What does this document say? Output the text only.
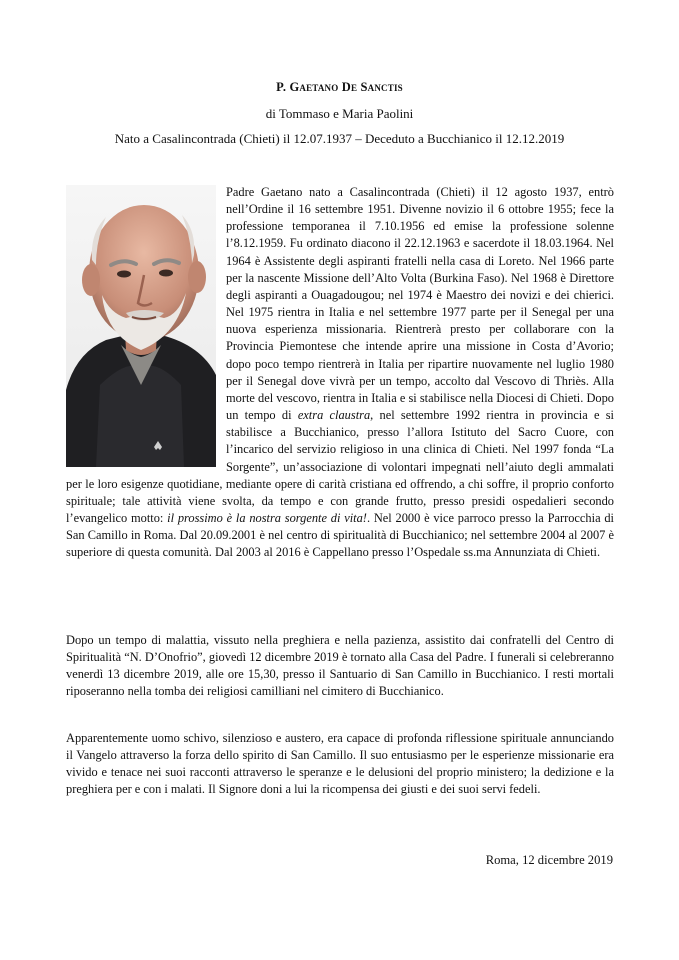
P. Gaetano De Sanctis
di Tommaso e Maria Paolini
Nato a Casalincontrada (Chieti) il 12.07.1937 – Deceduto a Bucchianico il 12.12.2019

Padre Gaetano nato a Casalincontrada (Chieti) il 12 agosto 1937, entrò nell’Ordine il 16 settembre 1951. Divenne novizio il 6 ottobre 1955; fece la professione temporanea il 7.10.1956 ed emise la professione solenne l’8.12.1959. Fu ordinato diacono il 22.12.1963 e sacerdote il 18.03.1964. Nel 1964 è Assistente degli aspiranti fratelli nella casa di Loreto. Nel 1966 parte per la nascente Missione dell’Alto Volta (Burkina Faso). Nel 1968 è Direttore degli aspiranti a Ouagadougou; nel 1974 è Maestro dei novizi e dei chierici. Nel 1975 rientra in Italia e nel settembre 1977 parte per il Senegal per una nuova esperienza missionaria. Rientrerà presto per collaborare con la Provincia Piemontese che intende aprire una missione in Costa d’Avorio; dopo poco tempo rientrerà in Italia per ripartire nuovamente nel luglio 1980 per il Senegal dove vivrà per un tempo, accolto dal Vescovo di Thriès. Alla morte del vescovo, rientra in Italia e si stabilisce nella Diocesi di Chieti. Dopo un tempo di extra claustra, nel settembre 1992 rientra in provincia e si stabilisce a Bucchianico, presso l’allora Istituto del Sacro Cuore, con l’incarico del servizio religioso in una clinica di Chieti. Nel 1997 fonda “La Sorgente”, un’associazione di volontari impegnati nell’aiuto degli ammalati per le loro esigenze quotidiane, mediante opere di carità cristiana ed offrendo, a chi soffre, il proprio conforto spirituale; tale attività viene svolta, da tempo e con grande frutto, presso presidi ospedalieri secondo l’evangelico motto: il prossimo è la nostra sorgente di vita!. Nel 2000 è vice parroco presso la Parrocchia di San Camillo in Roma. Dal 20.09.2001 è nel centro di spiritualità di Bucchianico; nel settembre 2004 al 2007 è superiore di questa comunità. Dal 2003 al 2016 è Cappellano presso l’Ospedale ss.ma Annunziata di Chieti.

Dopo un tempo di malattia, vissuto nella preghiera e nella pazienza, assistito dai confratelli del Centro di Spiritualità “N. D’Onofrio”, giovedì 12 dicembre 2019 è tornato alla Casa del Padre. I funerali si celebreranno venerdì 13 dicembre 2019, alle ore 15,30, presso il Santuario di San Camillo in Bucchianico. I resti mortali riposeranno nella tomba dei religiosi camilliani nel cimitero di Bucchianico.

Apparentemente uomo schivo, silenzioso e austero, era capace di profonda riflessione spirituale annunciando il Vangelo attraverso la forza dello spirito di San Camillo. Il suo entusiasmo per le esperienze missionarie era vivido e tenace nei suoi racconti attraverso le speranze e le delusioni del proprio ministero; la dedizione e la preghiera per e con i malati. Il Signore doni a lui la ricompensa dei giusti e dei suoi servi fedeli.

Roma, 12 dicembre 2019
